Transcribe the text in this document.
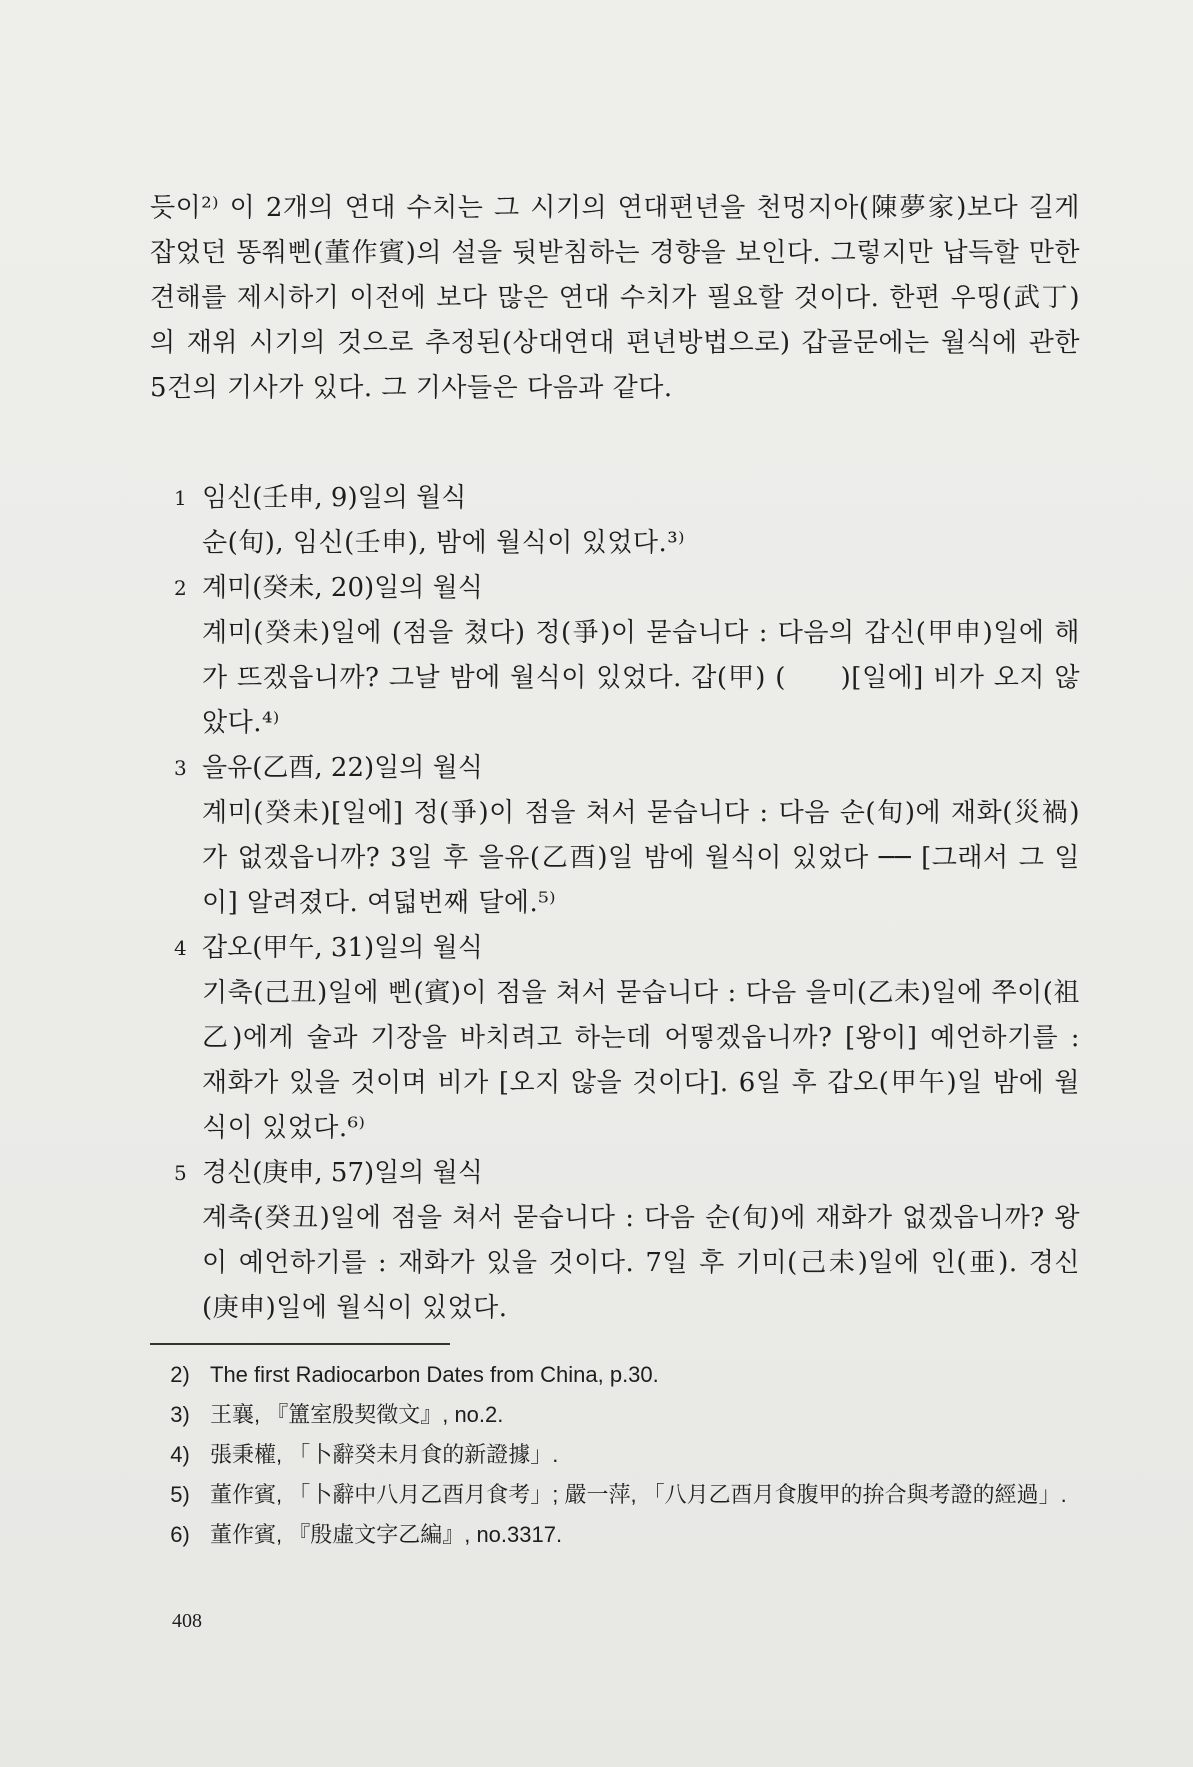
듯이²⁾ 이 2개의 연대 수치는 그 시기의 연대편년을 천멍지아(陳夢家)보다 길게 잡었던 똥쭤삔(董作賓)의 설을 뒷받침하는 경향을 보인다. 그렇지만 납득할 만한 견해를 제시하기 이전에 보다 많은 연대 수치가 필요할 것이다. 한편 우띵(武丁)의 재위 시기의 것으로 추정된(상대연대 편년방법으로) 갑골문에는 월식에 관한 5건의 기사가 있다. 그 기사들은 다음과 같다.

1 임신(壬申, 9)일의 월식
순(旬), 임신(壬申), 밤에 월식이 있었다.³⁾
2 계미(癸未, 20)일의 월식
계미(癸未)일에 (점을 쳤다) 정(爭)이 묻습니다 : 다음의 갑신(甲申)일에 해가 뜨겠읍니까? 그날 밤에 월식이 있었다. 갑(甲) (　　)[일에] 비가 오지 않았다.⁴⁾
3 을유(乙酉, 22)일의 월식
계미(癸未)[일에] 정(爭)이 점을 쳐서 묻습니다 : 다음 순(旬)에 재화(災禍)가 없겠읍니까? 3일 후 을유(乙酉)일 밤에 월식이 있었다 ── [그래서 그 일이] 알려졌다. 여덟번째 달에.⁵⁾
4 갑오(甲午, 31)일의 월식
기축(己丑)일에 삔(賓)이 점을 쳐서 묻습니다 : 다음 을미(乙未)일에 쭈이(祖乙)에게 술과 기장을 바치려고 하는데 어떻겠읍니까? [왕이] 예언하기를 : 재화가 있을 것이며 비가 [오지 않을 것이다]. 6일 후 갑오(甲午)일 밤에 월식이 있었다.⁶⁾
5 경신(庚申, 57)일의 월식
계축(癸丑)일에 점을 쳐서 묻습니다 : 다음 순(旬)에 재화가 없겠읍니까? 왕이 예언하기를 : 재화가 있을 것이다. 7일 후 기미(己未)일에 인(亜). 경신(庚申)일에 월식이 있었다.
2) The first Radiocarbon Dates from China, p.30.
3) 王襄, 『簠室殷契徵文』, no.2.
4) 張秉權, 「卜辭癸未月食的新證據」.
5) 董作賓, 「卜辭中八月乙酉月食考」; 嚴一萍, 「八月乙酉月食腹甲的拚合與考證的經過」.
6) 董作賓, 『殷虛文字乙編』, no.3317.
408
